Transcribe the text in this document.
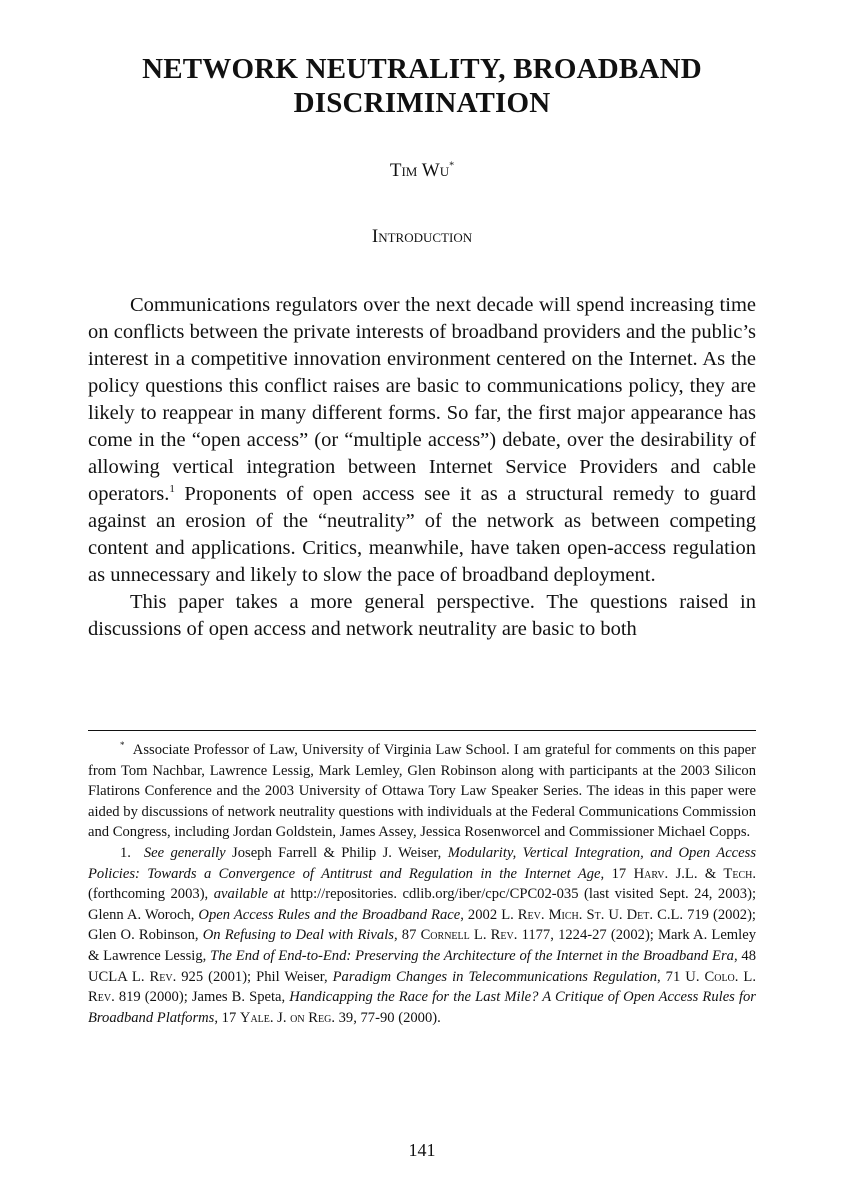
NETWORK NEUTRALITY, BROADBAND DISCRIMINATION
Tim Wu*
Introduction

Communications regulators over the next decade will spend increasing time on conflicts between the private interests of broadband providers and the public’s interest in a competitive innovation environment centered on the Internet. As the policy questions this conflict raises are basic to communications policy, they are likely to reappear in many different forms. So far, the first major appearance has come in the “open access” (or “multiple access”) debate, over the desirability of allowing vertical integration between Internet Service Providers and cable operators.$^1$ Proponents of open access see it as a structural remedy to guard against an erosion of the “neutrality” of the network as between competing content and applications. Critics, meanwhile, have taken open-access regulation as unnecessary and likely to slow the pace of broadband deployment.

This paper takes a more general perspective. The questions raised in discussions of open access and network neutrality are basic to both

* Associate Professor of Law, University of Virginia Law School. I am grateful for comments on this paper from Tom Nachbar, Lawrence Lessig, Mark Lemley, Glen Robinson along with participants at the 2003 Silicon Flatirons Conference and the 2003 University of Ottawa Tory Law Speaker Series. The ideas in this paper were aided by discussions of network neutrality questions with individuals at the Federal Communications Commission and Congress, including Jordan Goldstein, James Assey, Jessica Rosenworcel and Commissioner Michael Copps.

1. See generally Joseph Farrell & Philip J. Weiser, Modularity, Vertical Integration, and Open Access Policies: Towards a Convergence of Antitrust and Regulation in the Internet Age, 17 Harv. J.L. & Tech. (forthcoming 2003), available at http://repositories. cdlib.org/iber/cpc/CPC02-035 (last visited Sept. 24, 2003); Glenn A. Woroch, Open Access Rules and the Broadband Race, 2002 L. Rev. Mich. St. U. Det. C.L. 719 (2002); Glen O. Robinson, On Refusing to Deal with Rivals, 87 Cornell L. Rev. 1177, 1224-27 (2002); Mark A. Lemley & Lawrence Lessig, The End of End-to-End: Preserving the Architecture of the Internet in the Broadband Era, 48 UCLA L. Rev. 925 (2001); Phil Weiser, Paradigm Changes in Telecommunications Regulation, 71 U. Colo. L. Rev. 819 (2000); James B. Speta, Handicapping the Race for the Last Mile? A Critique of Open Access Rules for Broadband Platforms, 17 Yale. J. on Reg. 39, 77-90 (2000).

141
